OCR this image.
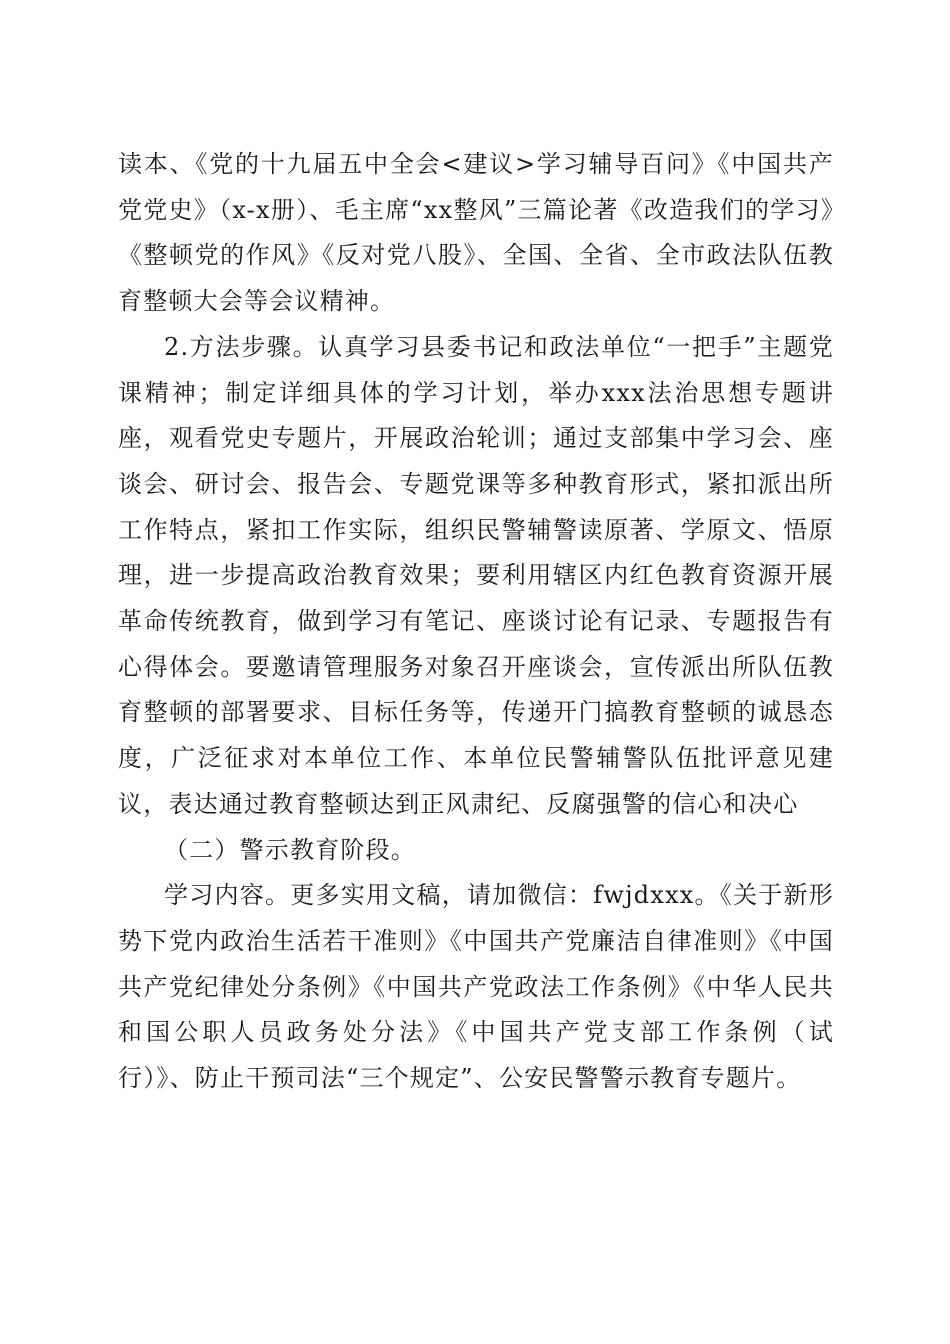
读本、《党的十九届五中全会<建议>学习辅导百问》《中国共产党党史》（x-x册）、毛主席“xx整风”三篇论著《改造我们的学习》《整顿党的作风》《反对党八股》、全国、全省、全市政法队伍教育整顿大会等会议精神。

2.方法步骤。认真学习县委书记和政法单位“一把手”主题党课精神；制定详细具体的学习计划，举办xxx法治思想专题讲座，观看党史专题片，开展政治轮训；通过支部集中学习会、座谈会、研讨会、报告会、专题党课等多种教育形式，紧扣派出所工作特点，紧扣工作实际，组织民警辅警读原著、学原文、悟原理，进一步提高政治教育效果；要利用辖区内红色教育资源开展革命传统教育，做到学习有笔记、座谈讨论有记录、专题报告有心得体会。要邀请管理服务对象召开座谈会，宣传派出所队伍教育整顿的部署要求、目标任务等，传递开门搞教育整顿的诚恳态度，广泛征求对本单位工作、本单位民警辅警队伍批评意见建议，表达通过教育整顿达到正风肃纪、反腐强警的信心和决心

（二）警示教育阶段。

学习内容。更多实用文稿，请加微信：fwjdxxx。《关于新形势下党内政治生活若干准则》《中国共产党廉洁自律准则》《中国共产党纪律处分条例》《中国共产党政法工作条例》《中华人民共和国公职人员政务处分法》《中国共产党支部工作条例（试行）》、防止干预司法“三个规定”、公安民警警示教育专题片。
